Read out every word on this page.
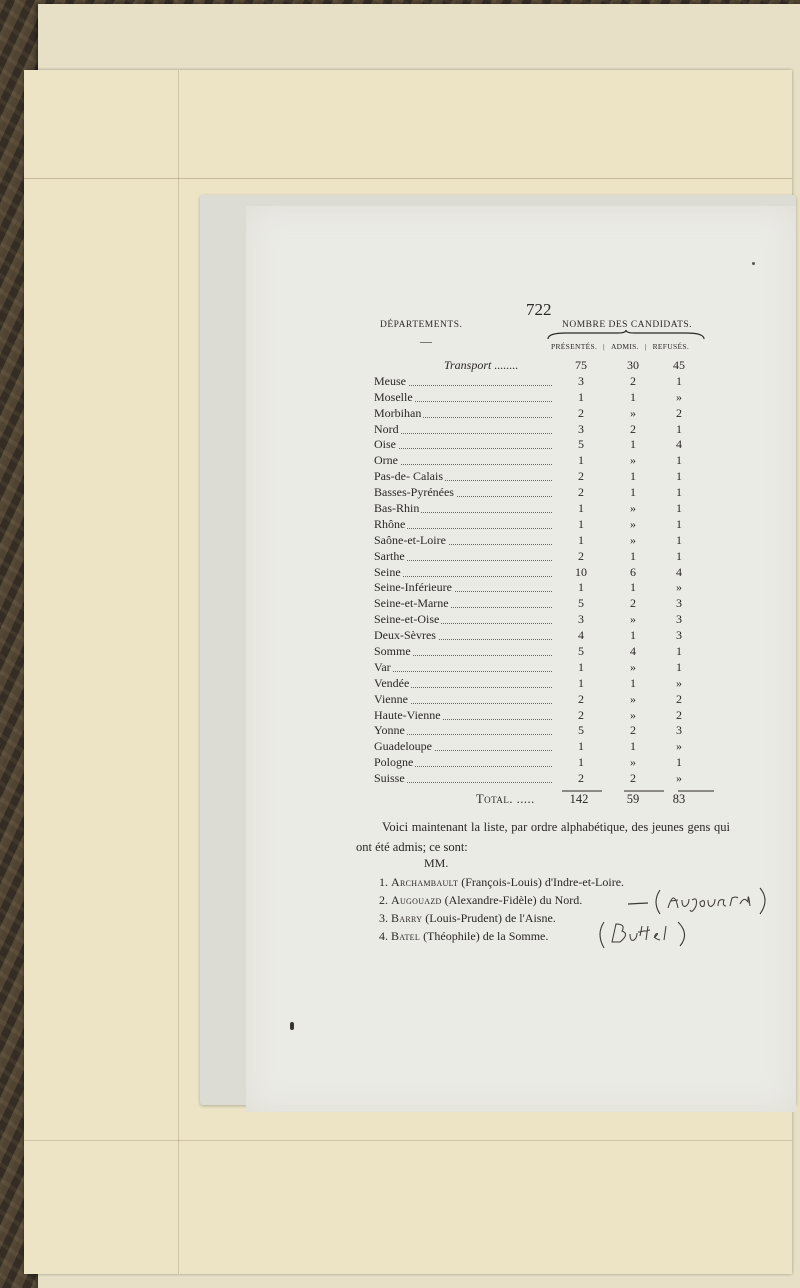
722
DÉPARTEMENTS.	NOMBRE DES CANDIDATS.
—	PRÉSENTÉS. | ADMIS. | REFUSÉS.
Transport ........	75	30	45
Meuse	3	2	1
Moselle	1	1	»
Morbihan	2	»	2
Nord	3	2	1
Oise	5	1	4
Orne	1	»	1
Pas-de- Calais	2	1	1
Basses-Pyrénées	2	1	1
Bas-Rhin	1	»	1
Rhône	1	»	1
Saône-et-Loire	1	»	1
Sarthe	2	1	1
Seine	10	6	4
Seine-Inférieure	1	1	»
Seine-et-Marne	5	2	3
Seine-et-Oise	3	»	3
Deux-Sèvres	4	1	3
Somme	5	4	1
Var	1	»	1
Vendée	1	1	»
Vienne	2	»	2
Haute-Vienne	2	»	2
Yonne	5	2	3
Guadeloupe	1	1	»
Pologne	1	»	1
Suisse	2	2	»
Total. .....	142	59	83
Voici maintenant la liste, par ordre alphabétique, des jeunes gens qui ont été admis; ce sont:
MM.
1. Archambault (François-Louis) d'Indre-et-Loire.
2. Augouazd (Alexandre-Fidèle) du Nord.
3. Barry (Louis-Prudent) de l'Aisne.
4. Batel (Théophile) de la Somme.
